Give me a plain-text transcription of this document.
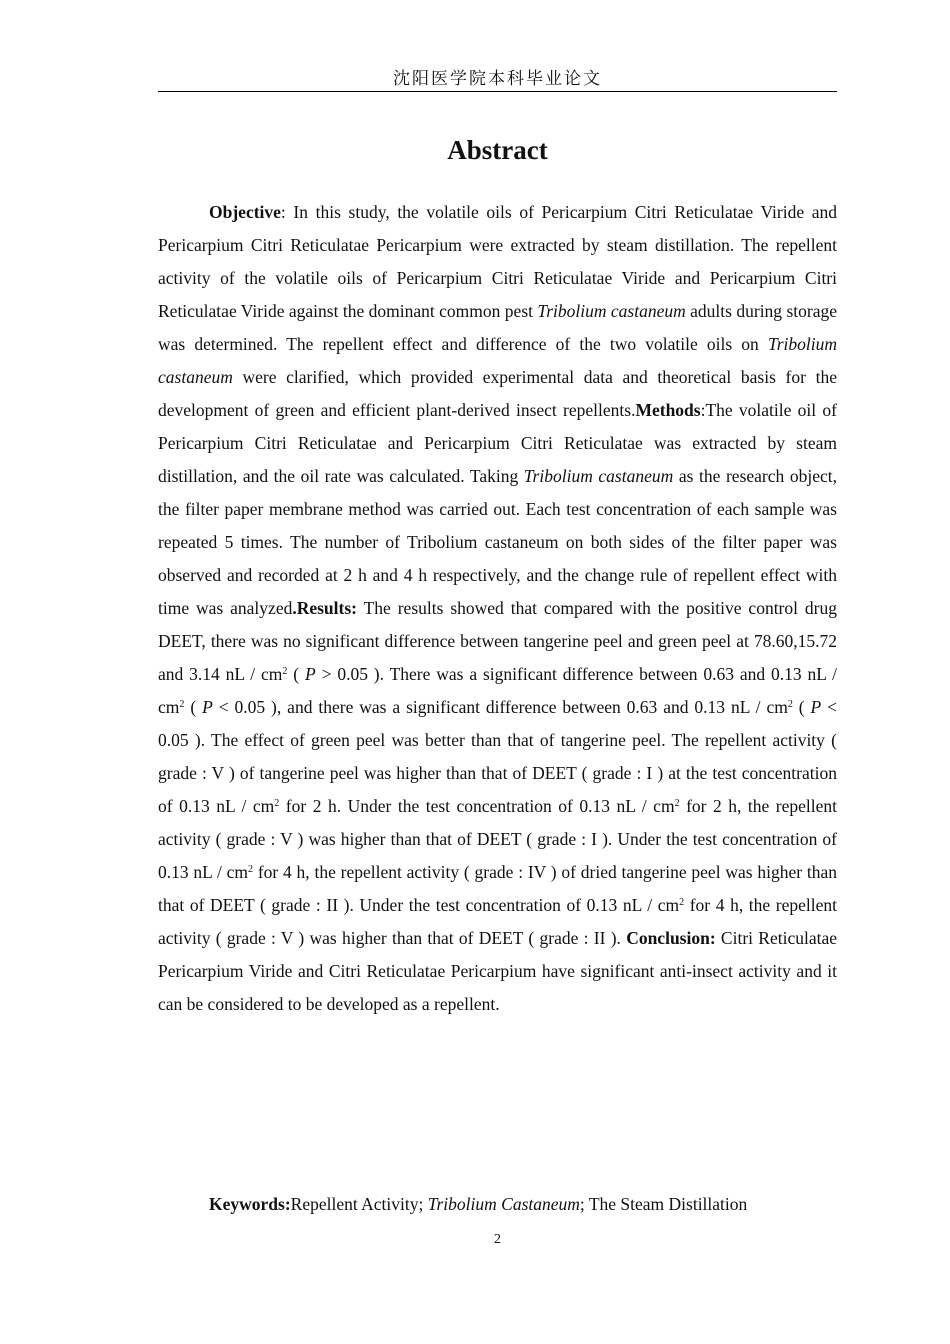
沈阳医学院本科毕业论文
Abstract

Objective: In this study, the volatile oils of Pericarpium Citri Reticulatae Viride and Pericarpium Citri Reticulatae Pericarpium were extracted by steam distillation. The repellent activity of the volatile oils of Pericarpium Citri Reticulatae Viride and Pericarpium Citri Reticulatae Viride against the dominant common pest Tribolium castaneum adults during storage was determined. The repellent effect and difference of the two volatile oils on Tribolium castaneum were clarified, which provided experimental data and theoretical basis for the development of green and efficient plant-derived insect repellents.Methods:The volatile oil of Pericarpium Citri Reticulatae and Pericarpium Citri Reticulatae was extracted by steam distillation, and the oil rate was calculated. Taking Tribolium castaneum as the research object, the filter paper membrane method was carried out. Each test concentration of each sample was repeated 5 times. The number of Tribolium castaneum on both sides of the filter paper was observed and recorded at 2 h and 4 h respectively, and the change rule of repellent effect with time was analyzed.Results: The results showed that compared with the positive control drug DEET, there was no significant difference between tangerine peel and green peel at 78.60,15.72 and 3.14 nL / $cm^2$ ( P > 0.05 ). There was a significant difference between 0.63 and 0.13 nL / $cm^2$ ( P < 0.05 ), and there was a significant difference between 0.63 and 0.13 nL / $cm^2$ ( P < 0.05 ). The effect of green peel was better than that of tangerine peel. The repellent activity ( grade : V ) of tangerine peel was higher than that of DEET ( grade : I ) at the test concentration of 0.13 nL / $cm^2$ for 2 h. Under the test concentration of 0.13 nL / $cm^2$ for 2 h, the repellent activity ( grade : V ) was higher than that of DEET ( grade : I ). Under the test concentration of 0.13 nL / $cm^2$ for 4 h, the repellent activity ( grade : IV ) of dried tangerine peel was higher than that of DEET ( grade : II ). Under the test concentration of 0.13 nL / $cm^2$ for 4 h, the repellent activity ( grade : V ) was higher than that of DEET ( grade : II ). Conclusion: Citri Reticulatae Pericarpium Viride and Citri Reticulatae Pericarpium have significant anti-insect activity and it can be considered to be developed as a repellent.

Keywords:Repellent Activity; Tribolium Castaneum; The Steam Distillation

2
